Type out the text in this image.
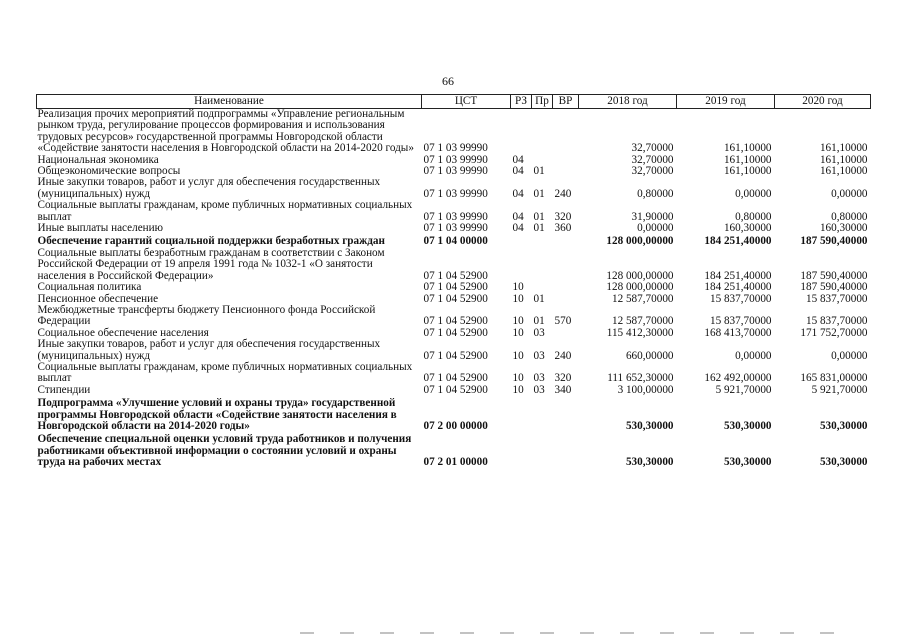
66
Наименование	ЦСТ	РЗ	Пр	ВР	2018 год	2019 год	2020 год
Реализация прочих мероприятий подпрограммы «Управление региональным рынком труда, регулирование процессов формирования и использования трудовых ресурсов» государственной программы Новгородской области «Содействие занятости населения в Новгородской области на 2014-2020 годы»	07 1 03 99990				32,70000	161,10000	161,10000
Национальная экономика	07 1 03 99990	04			32,70000	161,10000	161,10000
Общеэкономические вопросы	07 1 03 99990	04	01		32,70000	161,10000	161,10000
Иные закупки товаров, работ и услуг для обеспечения государственных (муниципальных) нужд	07 1 03 99990	04	01	240	0,80000	0,00000	0,00000
Социальные выплаты гражданам, кроме публичных нормативных социальных выплат	07 1 03 99990	04	01	320	31,90000	0,80000	0,80000
Иные выплаты населению	07 1 03 99990	04	01	360	0,00000	160,30000	160,30000
Обеспечение гарантий социальной поддержки безработных граждан	07 1 04 00000				128 000,00000	184 251,40000	187 590,40000
Социальные выплаты безработным гражданам в соответствии с Законом Российской Федерации от 19 апреля 1991 года № 1032-1 «О занятости населения в Российской Федерации»	07 1 04 52900				128 000,00000	184 251,40000	187 590,40000
Социальная политика	07 1 04 52900	10			128 000,00000	184 251,40000	187 590,40000
Пенсионное обеспечение	07 1 04 52900	10	01		12 587,70000	15 837,70000	15 837,70000
Межбюджетные трансферты бюджету Пенсионного фонда Российской Федерации	07 1 04 52900	10	01	570	12 587,70000	15 837,70000	15 837,70000
Социальное обеспечение населения	07 1 04 52900	10	03		115 412,30000	168 413,70000	171 752,70000
Иные закупки товаров, работ и услуг для обеспечения государственных (муниципальных) нужд	07 1 04 52900	10	03	240	660,00000	0,00000	0,00000
Социальные выплаты гражданам, кроме публичных нормативных социальных выплат	07 1 04 52900	10	03	320	111 652,30000	162 492,00000	165 831,00000
Стипендии	07 1 04 52900	10	03	340	3 100,00000	5 921,70000	5 921,70000
Подпрограмма «Улучшение условий и охраны труда» государственной программы Новгородской области «Содействие занятости населения в Новгородской области на 2014-2020 годы»	07 2 00 00000				530,30000	530,30000	530,30000
Обеспечение специальной оценки условий труда работников и получения работниками объективной информации о состоянии условий и охраны труда на рабочих местах	07 2 01 00000				530,30000	530,30000	530,30000
